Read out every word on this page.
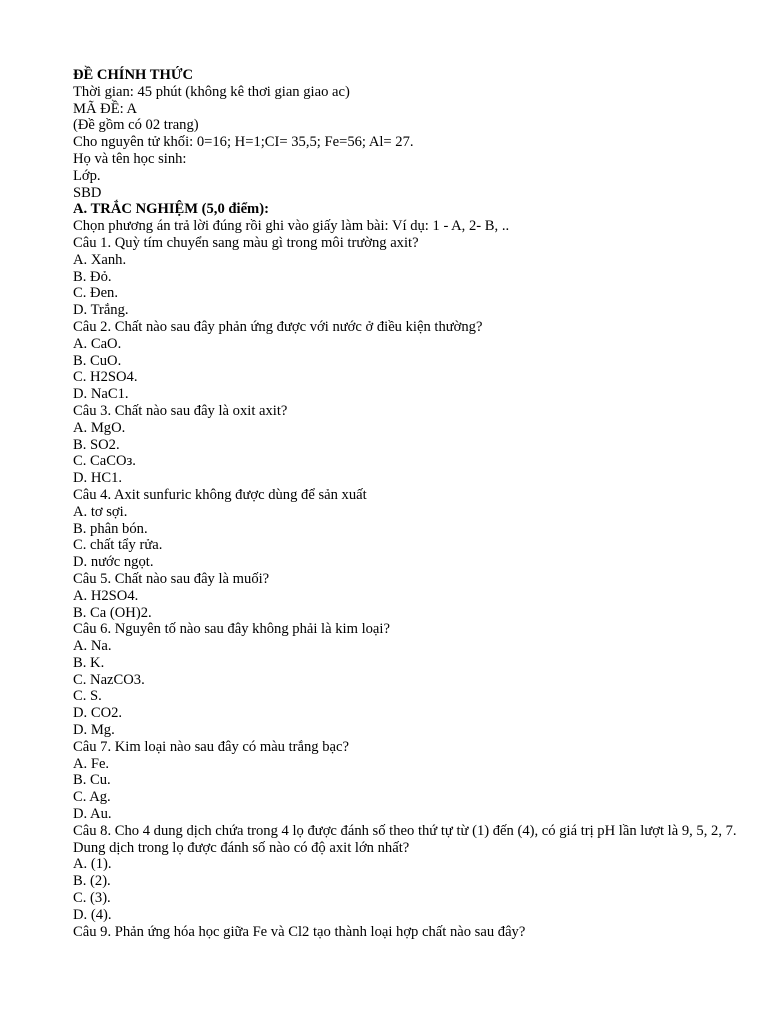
ĐỀ CHÍNH THỨC
Thời gian: 45 phút (không kê thơi gian giao ac)
MÃ ĐỀ: A
(Đề gồm có 02 trang)
Cho nguyên tử khối: 0=16; H=1;CI= 35,5; Fe=56; Al= 27.
Họ và tên học sinh:
Lớp.
SBD
A. TRẮC NGHIỆM (5,0 điểm):
Chọn phương án trả lời đúng rồi ghi vào giấy làm bài: Ví dụ: 1 - A, 2- B, ..
Câu 1. Quỳ tím chuyển sang màu gì trong môi trường axit?
A. Xanh.
B. Đỏ.
C. Đen.
D. Trắng.
Câu 2. Chất nào sau đây phản ứng được với nước ở điều kiện thường?
A. CaO.
B. CuO.
C. H2SO4.
D. NaC1.
Câu 3. Chất nào sau đây là oxit axit?
A. MgO.
B. SO2.
C. CaCOз.
D. HC1.
Câu 4. Axit sunfuric không được dùng để sản xuất
A. tơ sợi.
B. phân bón.
C. chất tẩy rửa.
D. nước ngọt.
Câu 5. Chất nào sau đây là muối?
A. H2SO4.
B. Ca (OH)2.
Câu 6. Nguyên tố nào sau đây không phải là kim loại?
A. Na.
B. K.
C. NazCO3.
C. S.
D. CO2.
D. Mg.
Câu 7. Kim loại nào sau đây có màu trắng bạc?
A. Fe.
B. Cu.
C. Ag.
D. Au.
Câu 8. Cho 4 dung dịch chứa trong 4 lọ được đánh số theo thứ tự từ (1) đến (4), có giá trị pH lần lượt là 9, 5, 2, 7. Dung dịch trong lọ được đánh số nào có độ axit lớn nhất?
A. (1).
B. (2).
C. (3).
D. (4).
Câu 9. Phản ứng hóa học giữa Fe và Cl2 tạo thành loại hợp chất nào sau đây?
